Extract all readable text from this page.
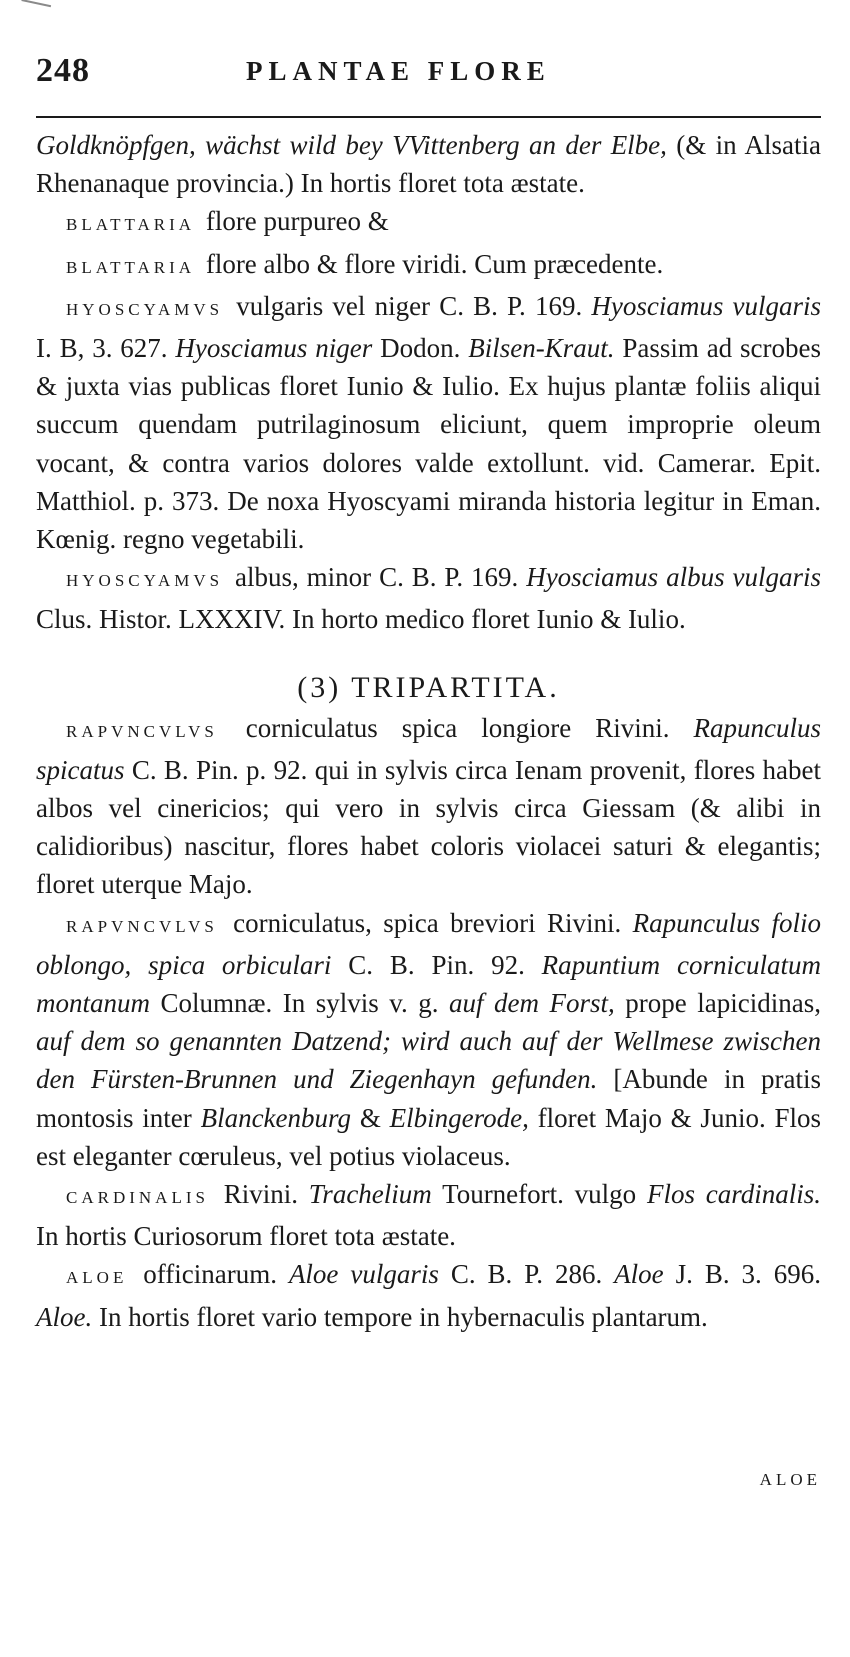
248	PLANTAE FLORE

Goldknöpfgen, wächst wild bey VVittenberg an der Elbe, (& in Alsatia Rhenanaque provincia.) In hortis floret tota æstate.

BLATTARIA flore purpureo &

BLATTARIA flore albo & flore viridi. Cum præcedente.

HYOSCYAMVS vulgaris vel niger C. B. P. 169. Hyosciamus vulgaris I. B, 3. 627. Hyosciamus niger Dodon. Bilsen-Kraut. Passim ad scrobes & juxta vias publicas floret Iunio & Iulio. Ex hujus plantæ foliis aliqui succum quendam putrilaginosum eliciunt, quem improprie oleum vocant, & contra varios dolores valde extollunt. vid. Camerar. Epit. Matthiol. p. 373. De noxa Hyoscyami miranda historia legitur in Eman. Kœnig. regno vegetabili.

HYOSCYAMVS albus, minor C. B. P. 169. Hyosciamus albus vulgaris Clus. Histor. LXXXIV. In horto medico floret Iunio & Iulio.

(3) TRIPARTITA.

RAPVNCVLVS corniculatus spica longiore Rivini. Rapunculus spicatus C. B. Pin. p. 92. qui in sylvis circa Ienam provenit, flores habet albos vel cinericios; qui vero in sylvis circa Giessam (& alibi in calidioribus) nascitur, flores habet coloris violacei saturi & elegantis; floret uterque Majo.

RAPVNCVLVS corniculatus, spica breviori Rivini. Rapunculus folio oblongo, spica orbiculari C. B. Pin. 92. Rapuntium corniculatum montanum Columnæ. In sylvis v. g. auf dem Forst, prope lapicidinas, auf dem so genannten Datzend; wird auch auf der Wellmese zwischen den Fürsten-Brunnen und Ziegenhayn gefunden. [Abunde in pratis montosis inter Blanckenburg & Elbingerode, floret Majo & Junio. Flos est eleganter cœruleus, vel potius violaceus.

CARDINALIS Rivini. Trachelium Tournefort. vulgo Flos cardinalis. In hortis Curiosorum floret tota æstate.

ALOE officinarum. Aloe vulgaris C. B. P. 286. Aloe J. B. 3. 696. Aloe. In hortis floret vario tempore in hybernaculis plantarum.

ALOE
